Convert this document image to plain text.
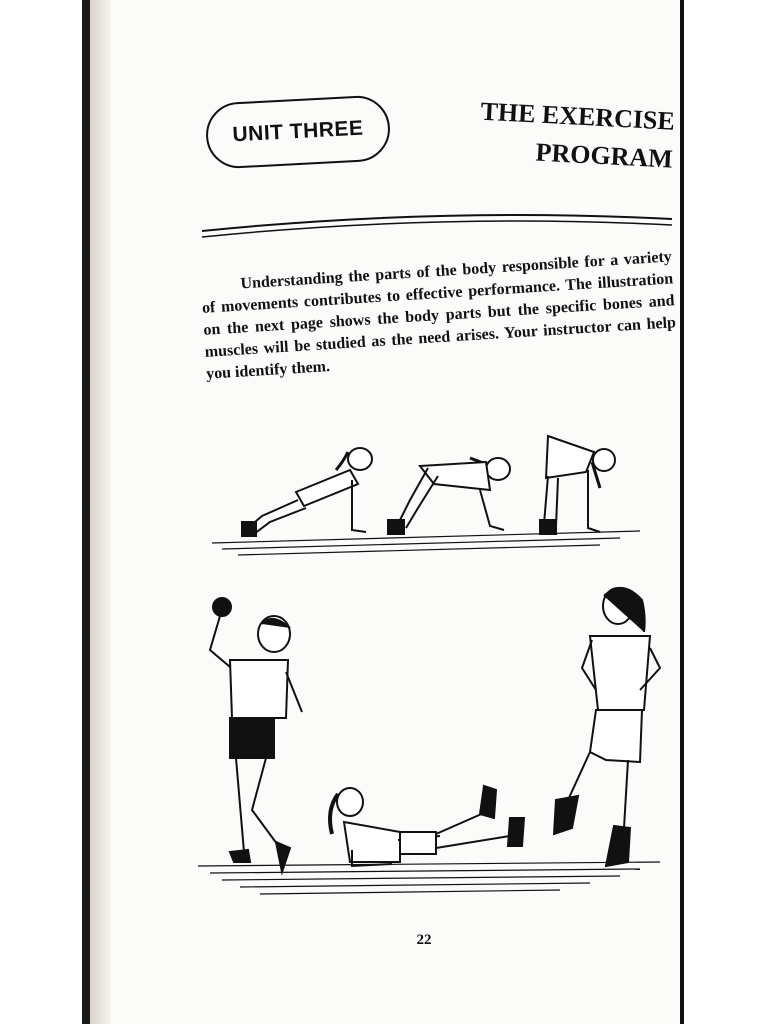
UNIT THREE	THE EXERCISE
PROGRAM
Understanding the parts of the body responsible for a variety of movements contributes to effective performance. The illustration on the next page shows the body parts but the specific bones and muscles will be studied as the need arises. Your instructor can help you identify them.
22
